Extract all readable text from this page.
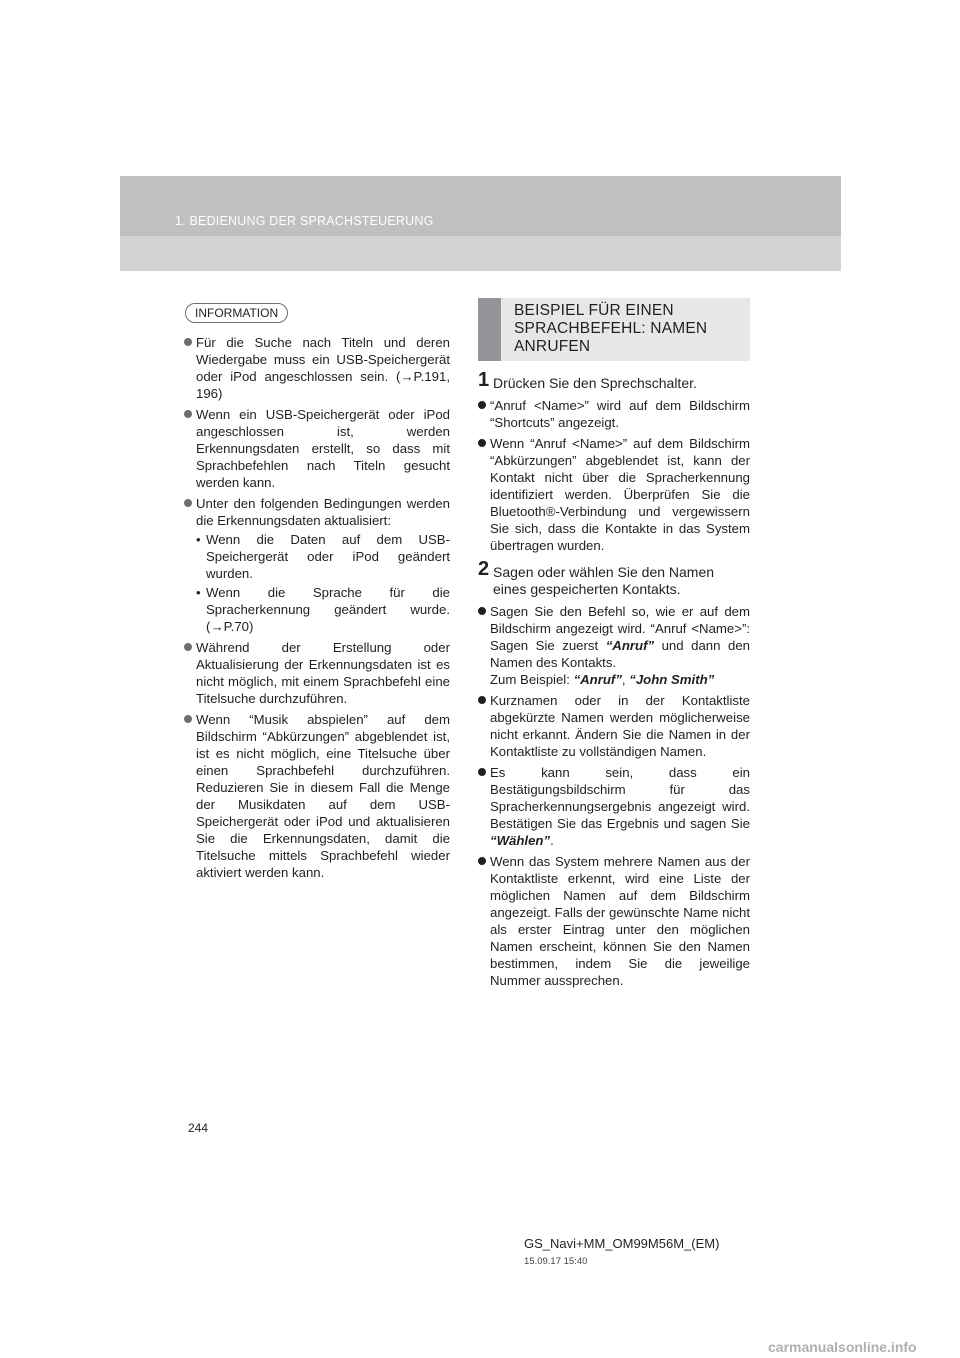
1. BEDIENUNG DER SPRACHSTEUERUNG
INFORMATION
Für die Suche nach Titeln und deren Wiedergabe muss ein USB-Speichergerät oder iPod angeschlossen sein. (→P.191, 196)
Wenn ein USB-Speichergerät oder iPod angeschlossen ist, werden Erkennungsdaten erstellt, so dass mit Sprachbefehlen nach Titeln gesucht werden kann.
Unter den folgenden Bedingungen werden die Erkennungsdaten aktualisiert:
• Wenn die Daten auf dem USB-Speichergerät oder iPod geändert wurden.
• Wenn die Sprache für die Spracherkennung geändert wurde. (→P.70)
Während der Erstellung oder Aktualisierung der Erkennungsdaten ist es nicht möglich, mit einem Sprachbefehl eine Titelsuche durchzuführen.
Wenn “Musik abspielen” auf dem Bildschirm “Abkürzungen” abgeblendet ist, ist es nicht möglich, eine Titelsuche über einen Sprachbefehl durchzuführen. Reduzieren Sie in diesem Fall die Menge der Musikdaten auf dem USB-Speichergerät oder iPod und aktualisieren Sie die Erkennungsdaten, damit die Titelsuche mittels Sprachbefehl wieder aktiviert werden kann.
BEISPIEL FÜR EINEN
SPRACHBEFEHL: NAMEN
ANRUFEN
1 Drücken Sie den Sprechschalter.
“Anruf <Name>” wird auf dem Bildschirm “Shortcuts” angezeigt.
Wenn “Anruf <Name>” auf dem Bildschirm “Abkürzungen” abgeblendet ist, kann der Kontakt nicht über die Spracherkennung identifiziert werden. Überprüfen Sie die Bluetooth®-Verbindung und vergewissern Sie sich, dass die Kontakte in das System übertragen wurden.
2 Sagen oder wählen Sie den Namen eines gespeicherten Kontakts.
Sagen Sie den Befehl so, wie er auf dem Bildschirm angezeigt wird. “Anruf <Name>”: Sagen Sie zuerst “Anruf” und dann den Namen des Kontakts.
Zum Beispiel: “Anruf”, “John Smith”
Kurznamen oder in der Kontaktliste abgekürzte Namen werden möglicherweise nicht erkannt. Ändern Sie die Namen in der Kontaktliste zu vollständigen Namen.
Es kann sein, dass ein Bestätigungsbildschirm für das Spracherkennungsergebnis angezeigt wird. Bestätigen Sie das Ergebnis und sagen Sie “Wählen”.
Wenn das System mehrere Namen aus der Kontaktliste erkennt, wird eine Liste der möglichen Namen auf dem Bildschirm angezeigt. Falls der gewünschte Name nicht als erster Eintrag unter den möglichen Namen erscheint, können Sie den Namen bestimmen, indem Sie die jeweilige Nummer aussprechen.
244
GS_Navi+MM_OM99M56M_(EM)
15.09.17 15:40
carmanualsonline.info
